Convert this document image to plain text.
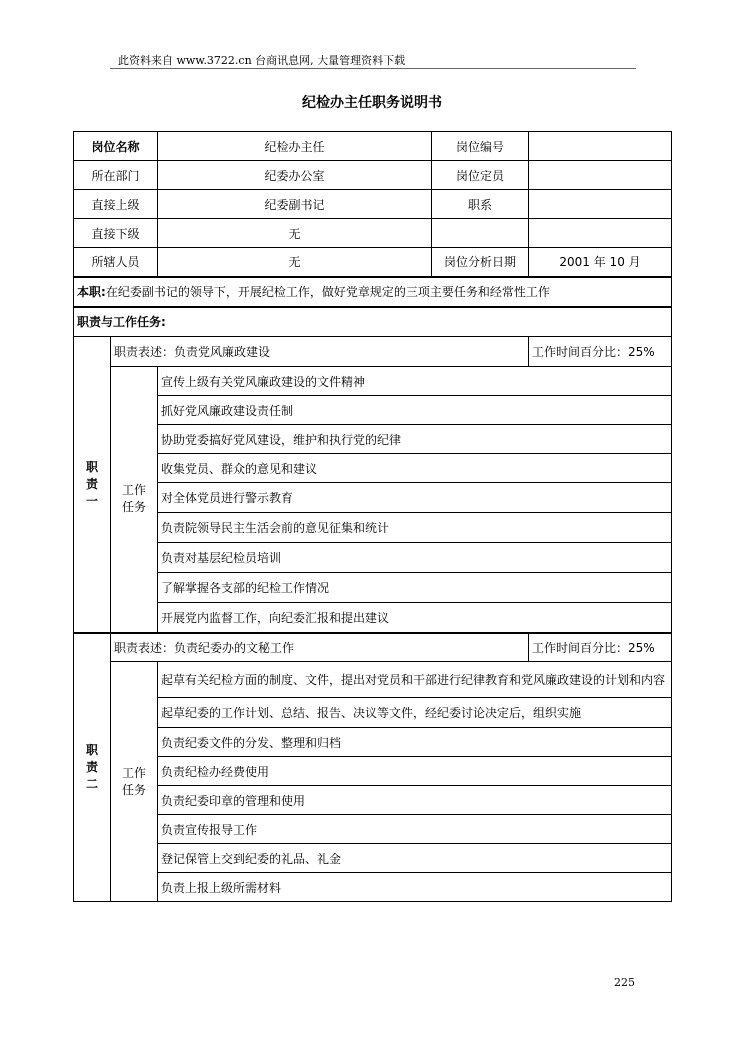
此资料来自 www.3722.cn 台商讯息网, 大量管理资料下载
纪检办主任职务说明书
岗位名称		纪检办主任	岗位编号	
所在部门		纪委办公室	岗位定员	
直接上级		纪委副书记	职系	
直接下级		无		
所辖人员		无	岗位分析日期	2001 年 10 月
本职:在纪委副书记的领导下，开展纪检工作，做好党章规定的三项主要任务和经常性工作				
职责与工作任务:				

职
责
一	职责表述：负责党风廉政建设			工作时间百分比：25%

	工作
任务	宣传上级有关党风廉政建设的文件精神		
		抓好党风廉政建设责任制		
		协助党委搞好党风建设，维护和执行党的纪律		
		收集党员、群众的意见和建议		
		对全体党员进行警示教育		
		负责院领导民主生活会前的意见征集和统计		
		负责对基层纪检员培训		
		了解掌握各支部的纪检工作情况		
		开展党内监督工作，向纪委汇报和提出建议		

职
责
二	职责表述：负责纪委办的文秘工作			工作时间百分比：25%

	工作
任务	起草有关纪检方面的制度、文件，提出对党员和干部进行纪律教育和党风廉政建设的计划和内容		
		起草纪委的工作计划、总结、报告、决议等文件，经纪委讨论决定后，组织实施		
		负责纪委文件的分发、整理和归档		
		负责纪检办经费使用		
		负责纪委印章的管理和使用		
		负责宣传报导工作		
		登记保管上交到纪委的礼品、礼金		
		负责上报上级所需材料		
225
